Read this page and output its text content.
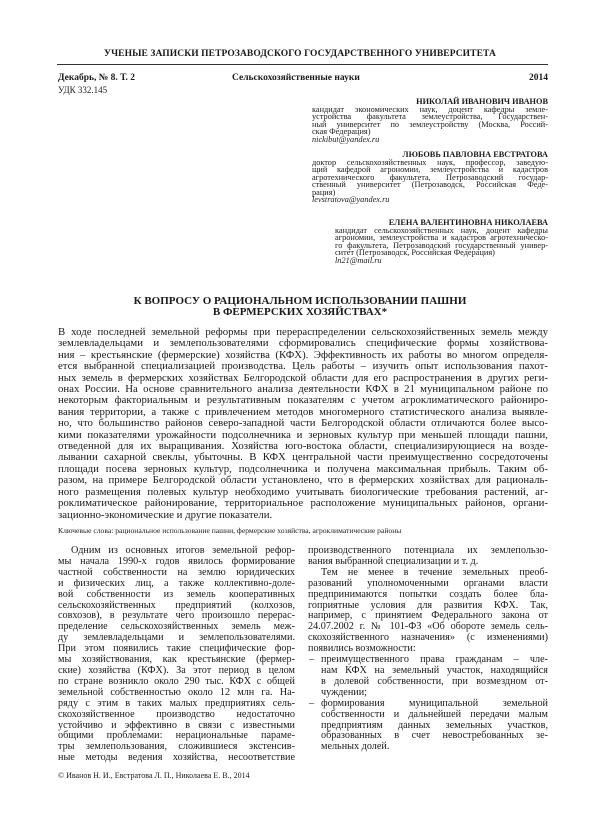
УЧЕНЫЕ ЗАПИСКИ ПЕТРОЗАВОДСКОГО ГОСУДАРСТВЕННОГО УНИВЕРСИТЕТА
Декабрь, № 8. Т. 2	Сельскохозяйственные науки	2014
УДК 332.145
НИКОЛАЙ ИВАНОВИЧ ИВАНОВ
кандидат экономических наук, доцент кафедры земле-
устройства факультета землеустройства, Государствен-
ный университет по землеустройству (Москва, Россий-
ская Федерация)
nickibut@yandex.ru
ЛЮБОВЬ ПАВЛОВНА ЕВСТРАТОВА
доктор сельскохозяйственных наук, профессор, заведую-
щий кафедрой агрономии, землеустройства и кадастров
агротехнического факультета, Петрозаводский государ-
ственный университет (Петрозаводск, Российская Феде-
рация)
levstratova@yandex.ru
ЕЛЕНА ВАЛЕНТИНОВНА НИКОЛАЕВА
кандидат сельскохозяйственных наук, доцент кафедры
агрономии, землеустройства и кадастров агротехническо-
го факультета, Петрозаводский государственный универ-
ситет (Петрозаводск, Российская Федерация)
ln21@mail.ru
К ВОПРОСУ О РАЦИОНАЛЬНОМ ИСПОЛЬЗОВАНИИ ПАШНИ
В ФЕРМЕРСКИХ ХОЗЯЙСТВАХ*
В ходе последней земельной реформы при перераспределении сельскохозяйственных земель между
землевладельцами и землепользователями сформировались специфические формы хозяйствова-
ния – крестьянские (фермерские) хозяйства (КФХ). Эффективность их работы во многом определя-
ется выбранной специализацией производства. Цель работы – изучить опыт использования пахот-
ных земель в фермерских хозяйствах Белгородской области для его распространения в других реги-
онах России. На основе сравнительного анализа деятельности КФХ в 21 муниципальном районе по
некоторым факториальным и результативным показателям с учетом агроклиматического райониро-
вания территории, а также с привлечением методов многомерного статистического анализа выявле-
но, что большинство районов северо-западной части Белгородской области отличаются более высо-
кими показателями урожайности подсолнечника и зерновых культур при меньшей площади пашни,
отведенной для их выращивания. Хозяйства юго-востока области, специализирующиеся на возде-
лывании сахарной свеклы, убыточны. В КФХ центральной части преимущественно сосредоточены
площади посева зерновых культур, подсолнечника и получена максимальная прибыль. Таким об-
разом, на примере Белгородской области установлено, что в фермерских хозяйствах для рациональ-
ного размещения полевых культур необходимо учитывать биологические требования растений, аг-
роклиматическое районирование, территориальное расположение муниципальных районов, органи-
зационно-экономические и другие показатели.
Ключевые слова: рациональное использование пашни, фермерские хозяйства, агроклиматические районы
Одним из основных итогов земельной рефор-
мы начала 1990-х годов явилось формирование
частной собственности на землю юридических
и физических лиц, а также коллективно-доле-
вой собственности из земель кооперативных
сельскохозяйственных предприятий (колхозов,
совхозов), в результате чего произошло перерас-
пределение сельскохозяйственных земель меж-
ду землевладельцами и землепользователями.
При этом появились такие специфические фор-
мы хозяйствования, как крестьянские (фермер-
ские) хозяйства (КФХ). За этот период в целом
по стране возникло около 290 тыс. КФХ с общей
земельной собственностью около 12 млн га. На-
ряду с этим в таких малых предприятиях сель-
скохозяйственное производство недостаточно
устойчиво и эффективно в связи с известными
общими проблемами: нерациональные параме-
тры землепользования, сложившиеся экстенсив-
ные методы ведения хозяйства, несоответствие
производственного потенциала их землепользо-
вания выбранной специализации и т. д.
Тем не менее в течение земельных преоб-
разований уполномоченными органами власти
предпринимаются попытки создать более бла-
гоприятные условия для развития КФХ. Так,
например, с принятием Федерального закона от
24.07.2002 г. № 101-ФЗ «Об обороте земель сель-
скохозяйственного назначения» (с изменениями)
появились возможности:
– преимущественного права гражданам – чле-
нам КФХ на земельный участок, находящийся
в долевой собственности, при возмездном от-
чуждении;
– формирования муниципальной земельной
собственности и дальнейшей передачи малым
предприятиям данных земельных участков,
образованных в счет невостребованных зе-
мельных долей.
© Иванов Н. И., Евстратова Л. П., Николаева Е. В., 2014
